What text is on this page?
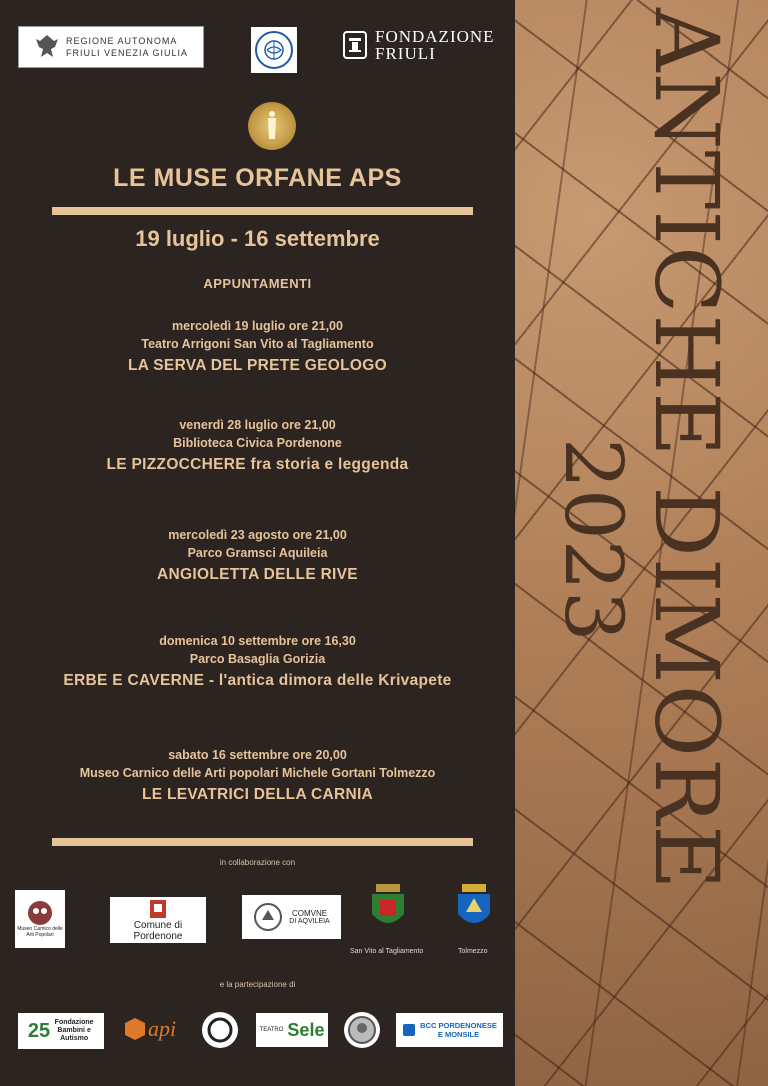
ANTICHE DIMORE
2023
REGIONE AUTONOMA
FRIULI VENEZIA GIULIA
FONDAZIONE
FRIULI
LE MUSE ORFANE APS
19 luglio - 16 settembre
APPUNTAMENTI
mercoledì 19 luglio ore 21,00
Teatro Arrigoni San Vito al Tagliamento
LA SERVA DEL PRETE GEOLOGO
venerdì 28 luglio ore 21,00
Biblioteca Civica Pordenone
LE PIZZOCCHERE fra storia e leggenda
mercoledì 23 agosto ore 21,00
Parco Gramsci Aquileia
ANGIOLETTA DELLE RIVE
domenica 10 settembre ore 16,30
Parco Basaglia Gorizia
ERBE E CAVERNE - l'antica dimora delle Krivapete
sabato 16 settembre ore 20,00
Museo Carnico delle Arti popolari Michele Gortani Tolmezzo
LE LEVATRICI DELLA CARNIA
in collaborazione con
Museo Carnico delle Arti Popolari
Comune di Pordenone
COMVNE
DI AQVILEIA
San Vito al Tagliamento	Tolmezzo
e la partecipazione di
25 Fondazione Bambini e Autismo	api	TEATRO Sele	BCC PORDENONESE E MONSILE
